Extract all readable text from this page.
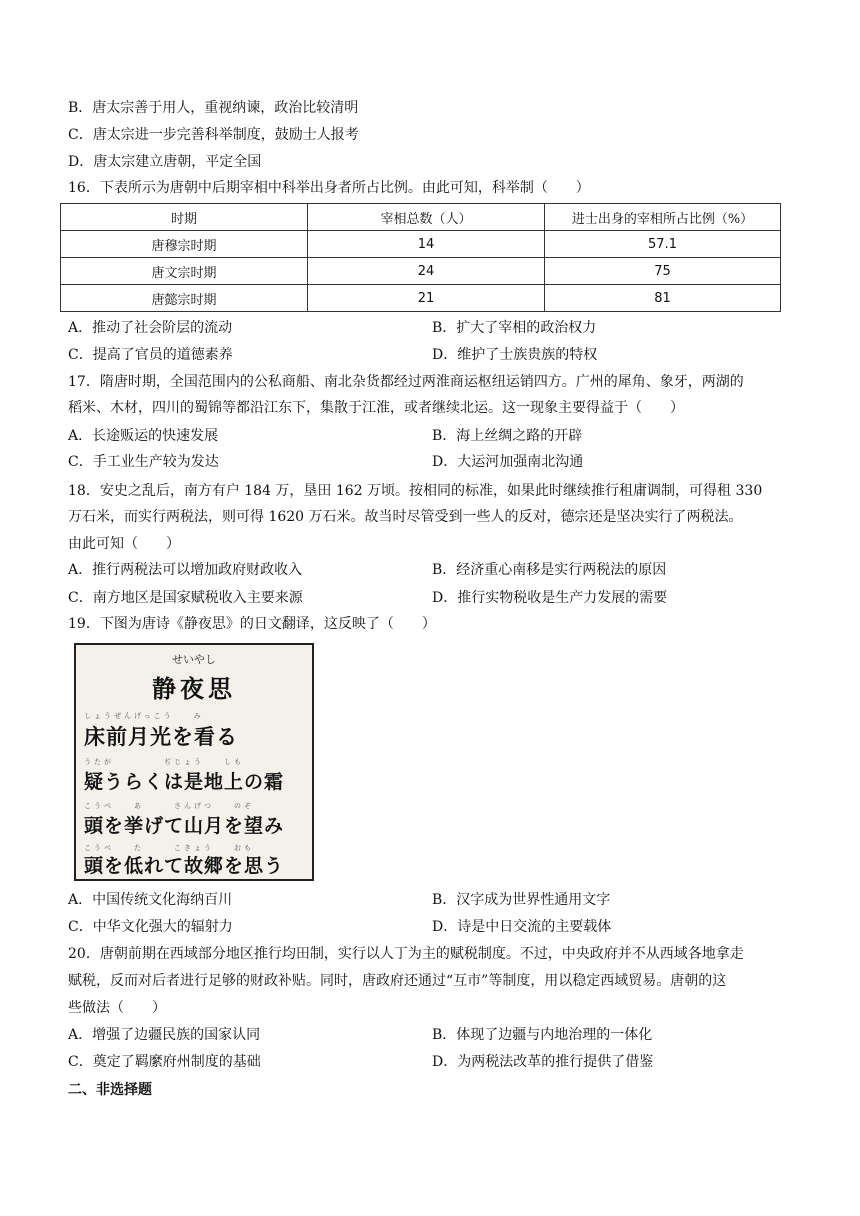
B．唐太宗善于用人，重视纳谏，政治比较清明
C．唐太宗进一步完善科举制度，鼓励士人报考
D．唐太宗建立唐朝，平定全国
16．下表所示为唐朝中后期宰相中科举出身者所占比例。由此可知，科举制（　　）
时期	宰相总数（人）	进士出身的宰相所占比例（%）
唐穆宗时期	14	57.1
唐文宗时期	24	75
唐懿宗时期	21	81
A．推动了社会阶层的流动	B．扩大了宰相的政治权力
C．提高了官员的道德素养	D．维护了士族贵族的特权
17．隋唐时期，全国范围内的公私商船、南北杂货都经过两淮商运枢纽运销四方。广州的犀角、象牙，两湖的
稻米、木材，四川的蜀锦等都沿江东下，集散于江淮，或者继续北运。这一现象主要得益于（　　）
A．长途贩运的快速发展	B．海上丝绸之路的开辟
C．手工业生产较为发达	D．大运河加强南北沟通
18．安史之乱后，南方有户 184 万，垦田 162 万顷。按相同的标准，如果此时继续推行租庸调制，可得租 330
万石米，而实行两税法，则可得 1620 万石米。故当时尽管受到一些人的反对，德宗还是坚决实行了两税法。
由此可知（　　）
A．推行两税法可以增加政府财政收入	B．经济重心南移是实行两税法的原因
C．南方地区是国家赋税收入主要来源	D．推行实物税收是生产力发展的需要
19．下图为唐诗《静夜思》的日文翻译，这反映了（　　）
せいやし
静夜思
しょうぜんげっこう　　み
床前月光を看る
うたが　　　　　ぢじょう　　しも
疑うらくは是地上の霜
こうべ　　あ　　　さんげつ　　のぞ
頭を挙げて山月を望み
こうべ　　た　　　こきょう　　おも
頭を低れて故郷を思う
A．中国传统文化海纳百川	B．汉字成为世界性通用文字
C．中华文化强大的辐射力	D．诗是中日交流的主要载体
20．唐朝前期在西域部分地区推行均田制，实行以人丁为主的赋税制度。不过，中央政府并不从西域各地拿走
赋税，反而对后者进行足够的财政补贴。同时，唐政府还通过“互市”等制度，用以稳定西域贸易。唐朝的这
些做法（　　）
A．增强了边疆民族的国家认同	B．体现了边疆与内地治理的一体化
C．奠定了羁縻府州制度的基础	D．为两税法改革的推行提供了借鉴
二、非选择题
